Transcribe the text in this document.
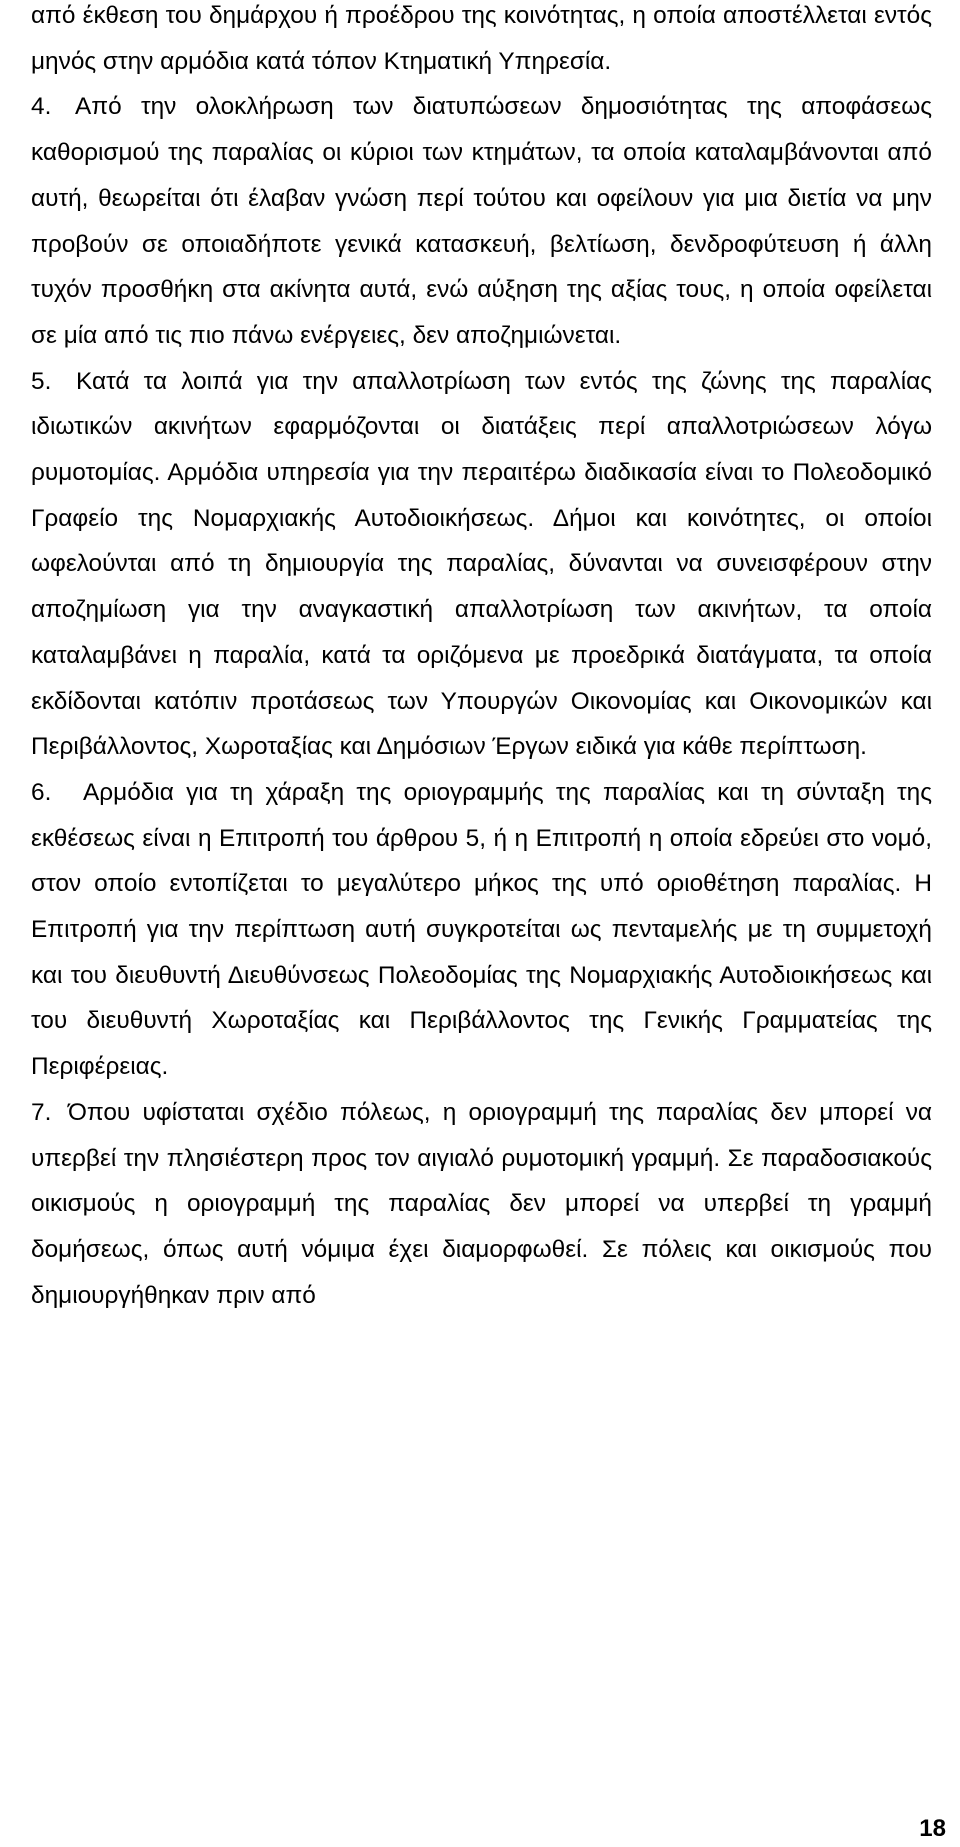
από έκθεση του δημάρχου ή προέδρου της κοινότητας, η οποία αποστέλλεται εντός μηνός στην αρμόδια κατά τόπον Κτηματική Υπηρεσία.

4. Από την ολοκλήρωση των διατυπώσεων δημοσιότητας της αποφάσεως καθορισμού της παραλίας οι κύριοι των κτημάτων, τα οποία καταλαμβάνονται από αυτή, θεωρείται ότι έλαβαν γνώση περί τούτου και οφείλουν για μια διετία να μην προβούν σε οποιαδήποτε γενικά κατασκευή, βελτίωση, δενδροφύτευση ή άλλη τυχόν προσθήκη στα ακίνητα αυτά, ενώ αύξηση της αξίας τους, η οποία οφείλεται σε μία από τις πιο πάνω ενέργειες, δεν αποζημιώνεται.

5. Κατά τα λοιπά για την απαλλοτρίωση των εντός της ζώνης της παραλίας ιδιωτικών ακινήτων εφαρμόζονται οι διατάξεις περί απαλλοτριώσεων λόγω ρυμοτομίας. Αρμόδια υπηρεσία για την περαιτέρω διαδικασία είναι το Πολεοδομικό Γραφείο της Νομαρχιακής Αυτοδιοικήσεως. Δήμοι και κοινότητες, οι οποίοι ωφελούνται από τη δημιουργία της παραλίας, δύνανται να συνεισφέρουν στην αποζημίωση για την αναγκαστική απαλλοτρίωση των ακινήτων, τα οποία καταλαμβάνει η παραλία, κατά τα οριζόμενα με προεδρικά διατάγματα, τα οποία εκδίδονται κατόπιν προτάσεως των Υπουργών Οικονομίας και Οικονομικών και Περιβάλλοντος, Χωροταξίας και Δημόσιων Έργων ειδικά για κάθε περίπτωση.

6. Αρμόδια για τη χάραξη της οριογραμμής της παραλίας και τη σύνταξη της εκθέσεως είναι η Επιτροπή του άρθρου 5, ή η Επιτροπή η οποία εδρεύει στο νομό, στον οποίο εντοπίζεται το μεγαλύτερο μήκος της υπό οριοθέτηση παραλίας. Η Επιτροπή για την περίπτωση αυτή συγκροτείται ως πενταμελής με τη συμμετοχή και του διευθυντή Διευθύνσεως Πολεοδομίας της Νομαρχιακής Αυτοδιοικήσεως και του διευθυντή Χωροταξίας και Περιβάλλοντος της Γενικής Γραμματείας της Περιφέρειας.

7. Όπου υφίσταται σχέδιο πόλεως, η οριογραμμή της παραλίας δεν μπορεί να υπερβεί την πλησιέστερη προς τον αιγιαλό ρυμοτομική γραμμή. Σε παραδοσιακούς οικισμούς η οριογραμμή της παραλίας δεν μπορεί να υπερβεί τη γραμμή δομήσεως, όπως αυτή νόμιμα έχει διαμορφωθεί. Σε πόλεις και οικισμούς που δημιουργήθηκαν πριν από

18
